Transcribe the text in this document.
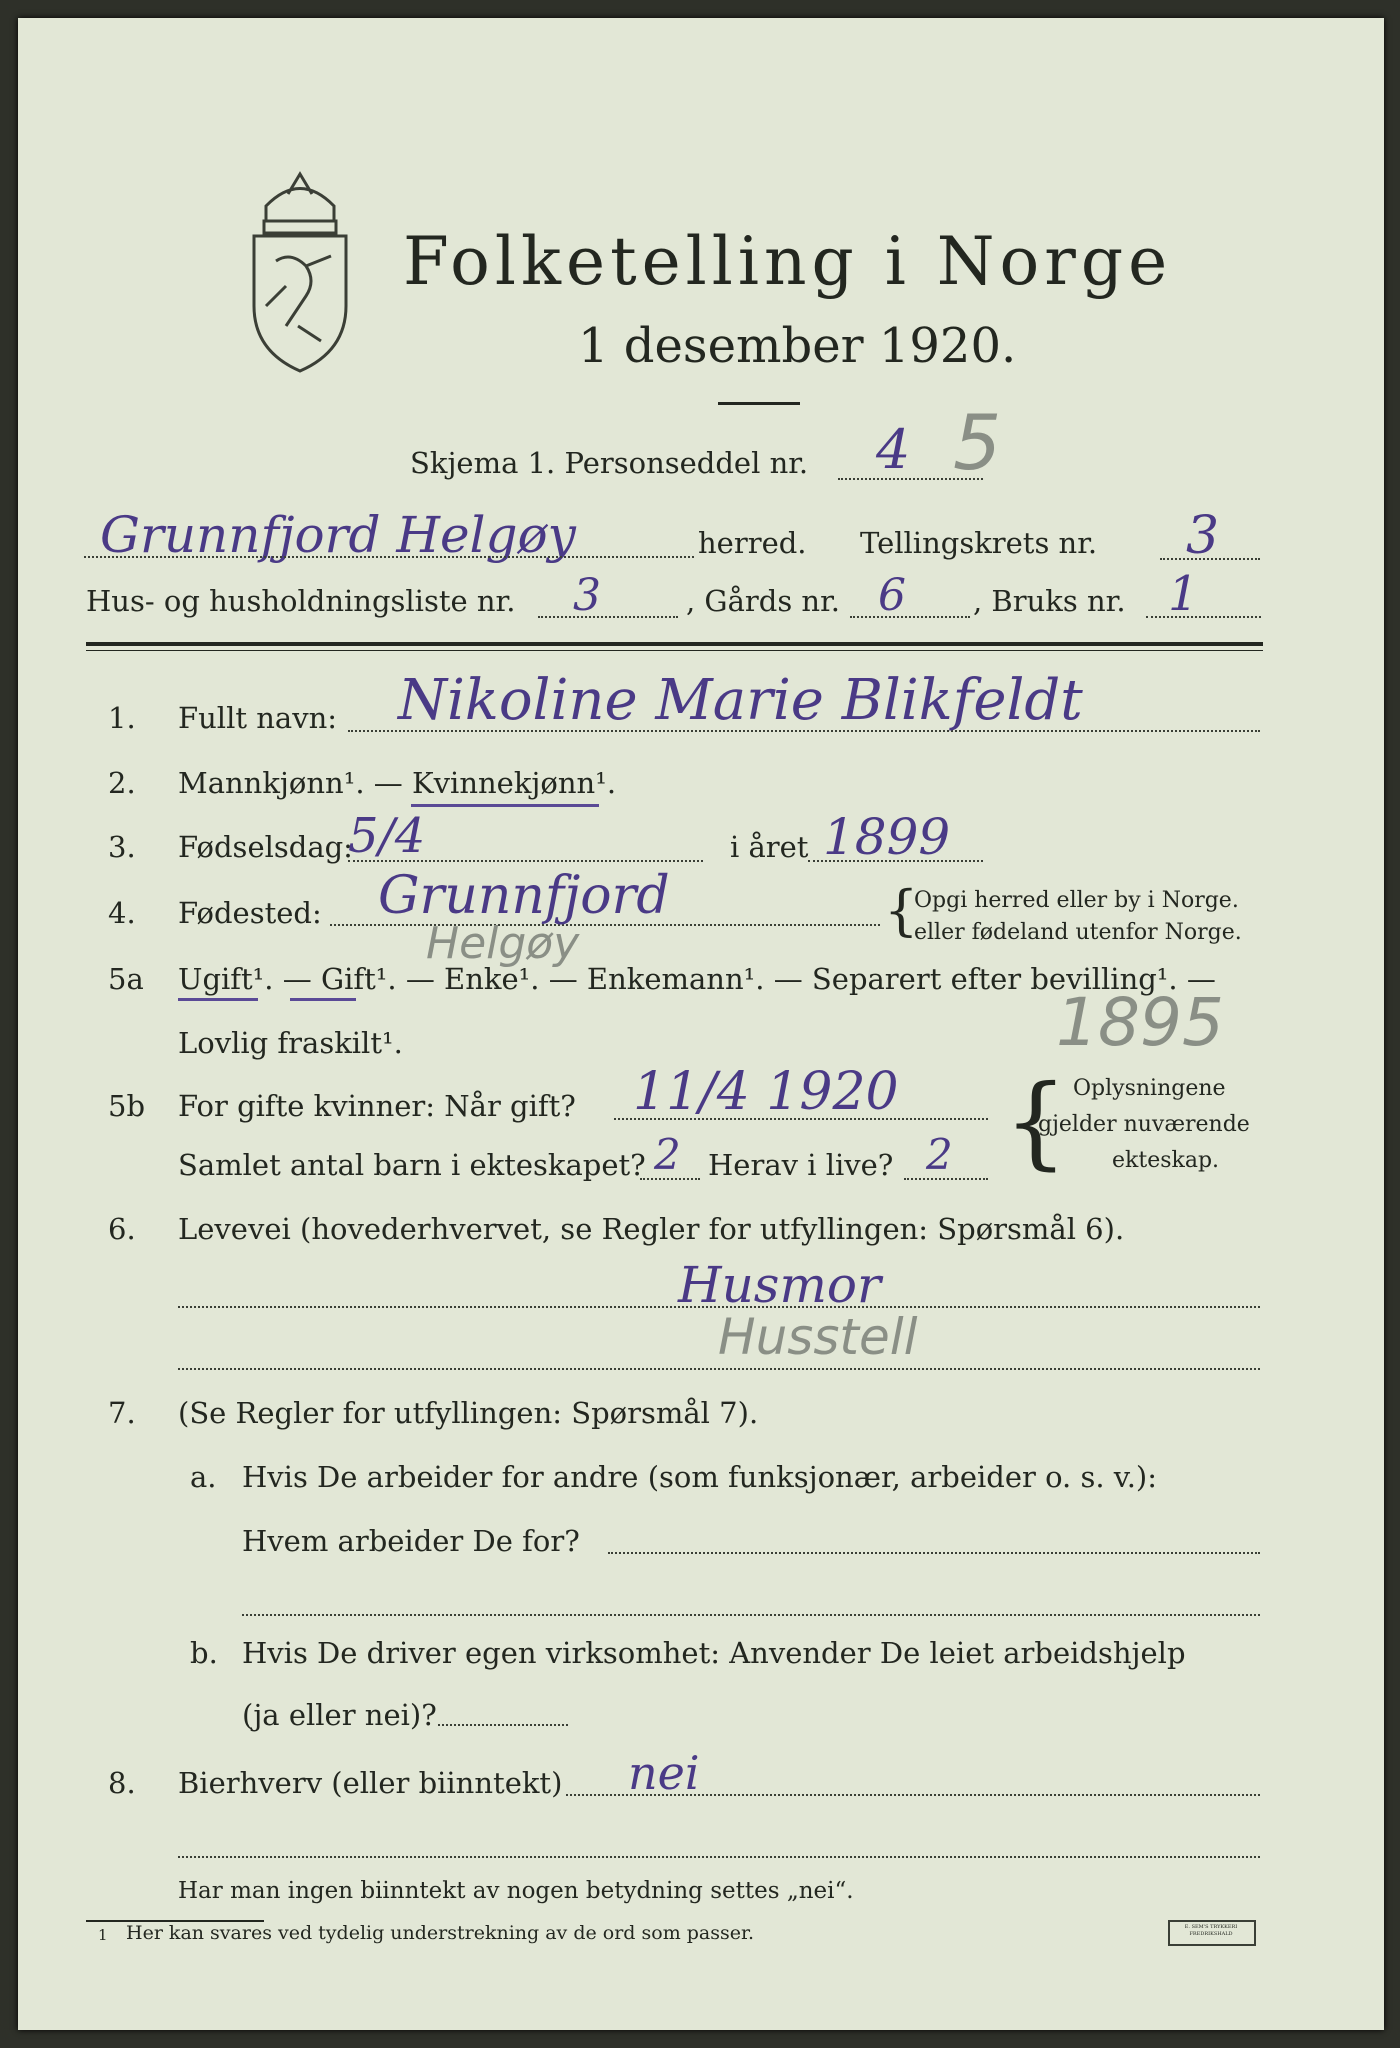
Folketelling i Norge
1 desember 1920.
Skjema 1. Personseddel nr. 4 5
Grunnfjord Helgøy	herred. Tellingskrets nr. 3
Hus- og husholdningsliste nr. 3	, Gårds nr. 6 , Bruks nr. 1
1. Fullt navn: Nikoline Marie Blikfeldt
2. Mannkjønn¹. — Kvinnekjønn¹.
3. Fødselsdag:
5/4	i året 1899
4. Fødested: Grunnfjord
Helgøy
{
Opgi herred eller by i Norge.
eller fødeland utenfor Norge.
5a Ugift¹. — Gift¹. — Enke¹. — Enkemann¹. — Separert efter bevilling¹. —
Lovlig fraskilt¹.	1895
5b For gifte kvinner: Når gift? 11/4 1920
Samlet antal barn i ekteskapet? 2 Herav i live? 2 { Oplysningene
gjelder nuværende
ekteskap.
6. Levevei (hovederhvervet, se Regler for utfyllingen: Spørsmål 6).
Husmor
Husstell
7. (Se Regler for utfyllingen: Spørsmål 7).
a. Hvis De arbeider for andre (som funksjonær, arbeider o. s. v.):
Hvem arbeider De for?
b. Hvis De driver egen virksomhet: Anvender De leiet arbeidshjelp
(ja eller nei)?
8. Bierhverv (eller biinntekt) nei
Har man ingen biinntekt av nogen betydning settes „nei“.
1 Her kan svares ved tydelig understrekning av de ord som passer.	E. SEM'S TRYKKERI FREDRIKSHALD
